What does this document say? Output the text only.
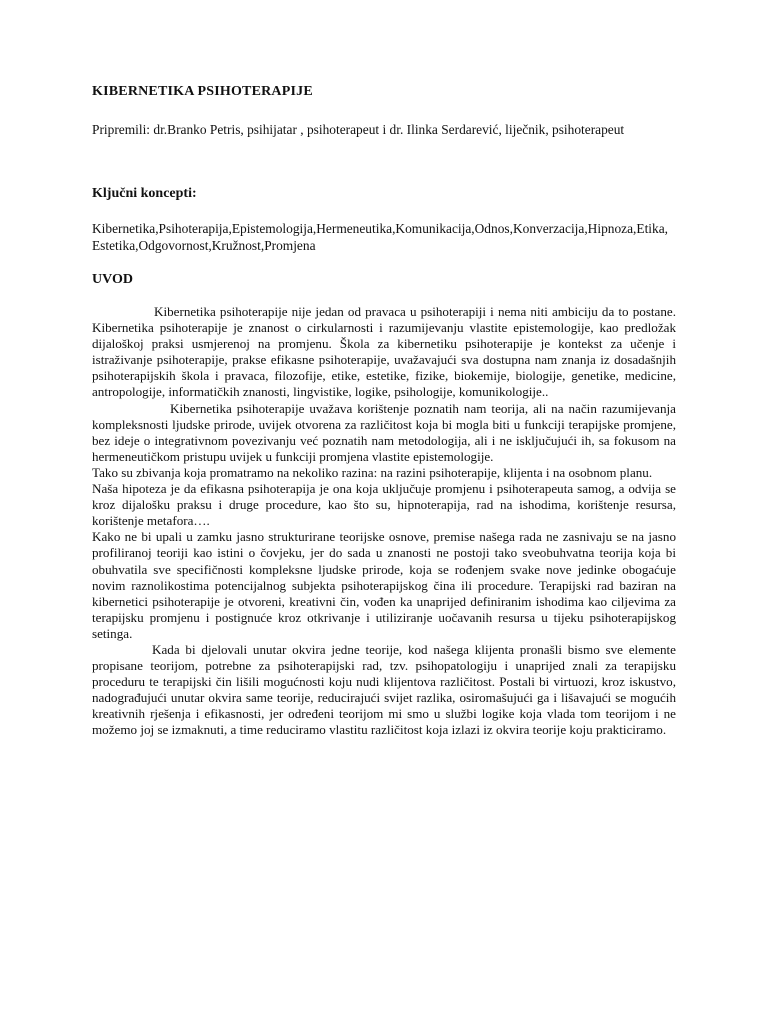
KIBERNETIKA PSIHOTERAPIJE

Pripremili: dr.Branko Petris, psihijatar , psihoterapeut i dr. Ilinka Serdarević, liječnik, psihoterapeut

Ključni koncepti:

Kibernetika,Psihoterapija,Epistemologija,Hermeneutika,Komunikacija,Odnos,Konverzacija,Hipnoza,Etika,Estetika,Odgovornost,Kružnost,Promjena

UVOD

Kibernetika psihoterapije nije jedan od pravaca u psihoterapiji i nema niti ambiciju da to postane. Kibernetika psihoterapije je znanost o cirkularnosti i razumijevanju vlastite epistemologije, kao predložak dijaloškoj praksi usmjerenoj na promjenu. Škola za kibernetiku psihoterapije je kontekst za učenje i istraživanje psihoterapije, prakse efikasne psihoterapije, uvažavajući sva dostupna nam znanja iz dosadašnjih psihoterapijskih škola i pravaca, filozofije, etike, estetike, fizike, biokemije, biologije, genetike, medicine, antropologije, informatičkih znanosti, lingvistike, logike, psihologije, komunikologije..

Kibernetika psihoterapije uvažava korištenje poznatih nam teorija, ali na način razumijevanja kompleksnosti ljudske prirode, uvijek otvorena za različitost koja bi mogla biti u funkciji terapijske promjene, bez ideje o integrativnom povezivanju već poznatih nam metodologija, ali i ne isključujući ih, sa fokusom na hermeneutičkom pristupu uvijek u funkciji promjena vlastite epistemologije.

Tako su zbivanja koja promatramo na nekoliko razina: na razini psihoterapije, klijenta i na osobnom planu.

Naša hipoteza je da efikasna psihoterapija je ona koja uključuje promjenu i psihoterapeuta samog, a odvija se kroz dijalošku praksu i druge procedure, kao što su, hipnoterapija, rad na ishodima, korištenje resursa, korištenje metafora….

Kako ne bi upali u zamku jasno strukturirane teorijske osnove, premise našega rada ne zasnivaju se na jasno profiliranoj teoriji kao istini o čovjeku, jer do sada u znanosti ne postoji tako sveobuhvatna teorija koja bi obuhvatila sve specifičnosti kompleksne ljudske prirode, koja se rođenjem svake nove jedinke obogaćuje novim raznolikostima potencijalnog subjekta psihoterapijskog čina ili procedure. Terapijski rad baziran na kibernetici psihoterapije je otvoreni, kreativni čin, vođen ka unaprijed definiranim ishodima kao ciljevima za terapijsku promjenu i postignuće kroz otkrivanje i utiliziranje uočavanih resursa u tijeku psihoterapijskog setinga.

Kada bi djelovali unutar okvira jedne teorije, kod našega klijenta pronašli bismo sve elemente propisane teorijom, potrebne za psihoterapijski rad, tzv. psihopatologiju i unaprijed znali za terapijsku proceduru te terapijski čin lišili mogućnosti koju nudi klijentova različitost. Postali bi virtuozi, kroz iskustvo, nadograđujući unutar okvira same teorije, reducirajući svijet razlika, osiromašujući ga i lišavajući se mogućih kreativnih rješenja i efikasnosti, jer određeni teorijom mi smo u službi logike koja vlada tom teorijom i ne možemo joj se izmaknuti, a time reduciramo vlastitu različitost koja izlazi iz okvira teorije koju prakticiramo.
